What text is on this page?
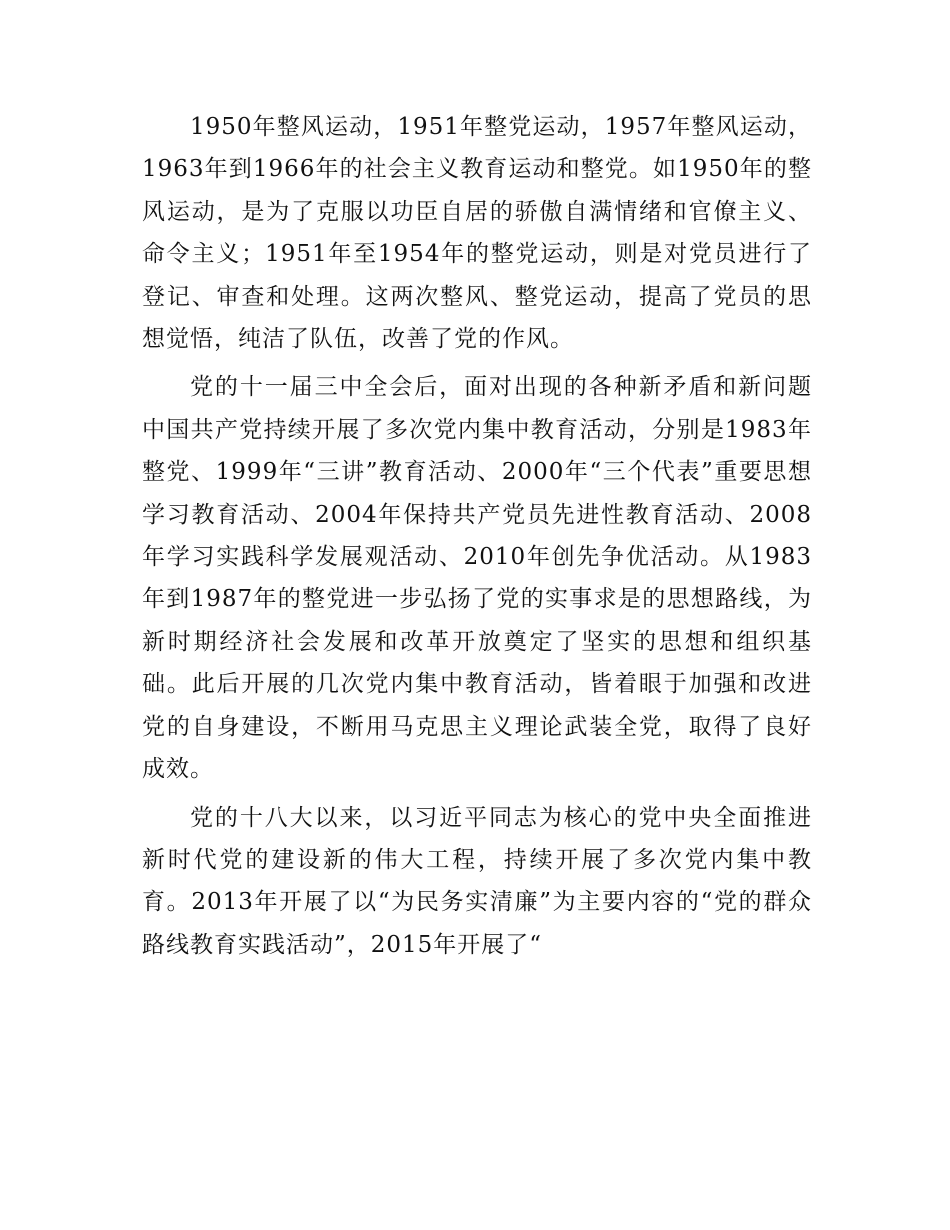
1950年整风运动，1951年整党运动，1957年整风运动，1963年到1966年的社会主义教育运动和整党。如1950年的整风运动，是为了克服以功臣自居的骄傲自满情绪和官僚主义、命令主义；1951年至1954年的整党运动，则是对党员进行了登记、审查和处理。这两次整风、整党运动，提高了党员的思想觉悟，纯洁了队伍，改善了党的作风。

党的十一届三中全会后，面对出现的各种新矛盾和新问题中国共产党持续开展了多次党内集中教育活动，分别是1983年整党、1999年“三讲”教育活动、2000年“三个代表”重要思想学习教育活动、2004年保持共产党员先进性教育活动、2008年学习实践科学发展观活动、2010年创先争优活动。从1983年到1987年的整党进一步弘扬了党的实事求是的思想路线，为新时期经济社会发展和改革开放奠定了坚实的思想和组织基础。此后开展的几次党内集中教育活动，皆着眼于加强和改进党的自身建设，不断用马克思主义理论武装全党，取得了良好成效。

党的十八大以来，以习近平同志为核心的党中央全面推进新时代党的建设新的伟大工程，持续开展了多次党内集中教育。2013年开展了以“为民务实清廉”为主要内容的“党的群众路线教育实践活动”，2015年开展了“
